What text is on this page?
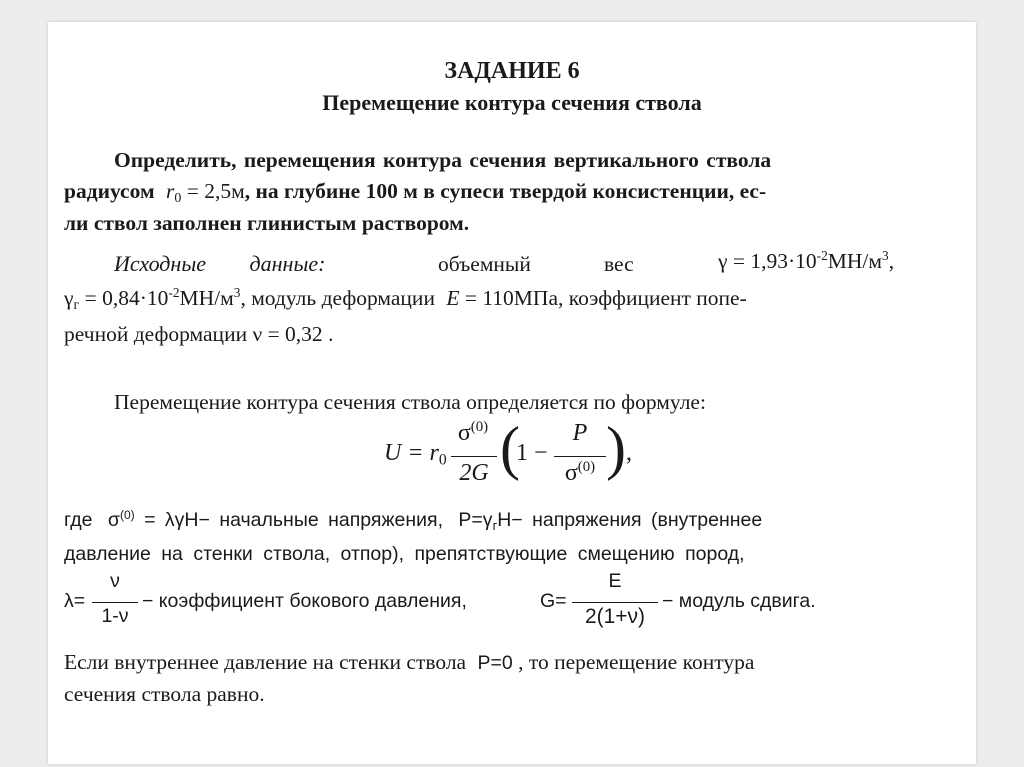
ЗАДАНИЕ 6
Перемещение контура сечения ствола
Определить, перемещения контура сечения вертикального ствола
радиусом $r_0 = 2,5м$, на глубине 100 м в супеси твердой консистенции, ес-
ли ствол заполнен глинистым раствором.
Исходные данные:	объемный	вес	$\gamma = 1,93\cdot 10^{-2}МН/м^3$,
$\gamma_г = 0,84\cdot 10^{-2}МН/м^3$, модуль деформации E = 110МПа, коэффициент попе-
речной деформации ν = 0,32 .
Перемещение контура сечения ствола определяется по формуле:
$U = r_0$
$\sigma^{(0)}$
2G (
1 −
P
$\sigma^{(0)}$ ) ,
где $\sigma^{(0)} = \lambda\gamma H-$ начальные напряжения, $P=\gamma_гH-$ напряжения (внутреннее
давление на стенки ствола, отпор), препятствующие смещению пород,
λ=
ν
1-ν
− коэффициент бокового давления,	G=
E
2(1+ν)
− модуль сдвига.
Если внутреннее давление на стенки ствола P=0 , то перемещение контура
сечения ствола равно.
